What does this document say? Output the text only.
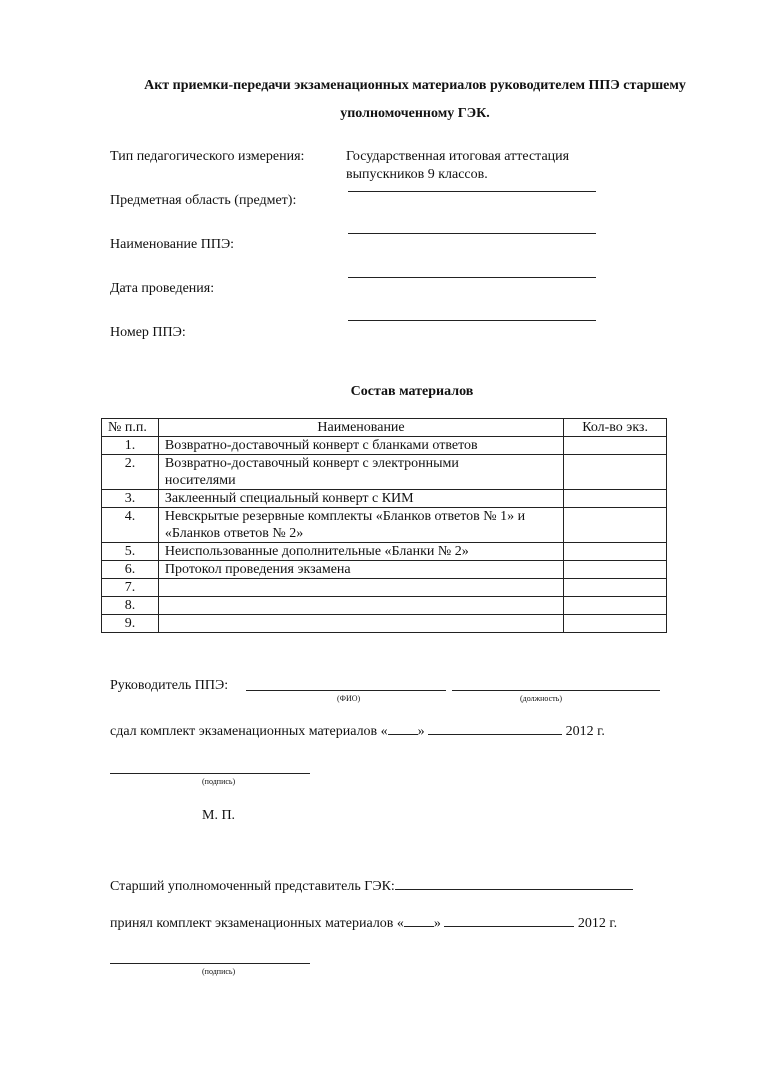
Акт приемки-передачи экзаменационных материалов руководителем ППЭ старшему
уполномоченному ГЭК.
Тип педагогического измерения:	Государственная итоговая аттестация
выпускников 9 классов.
Предметная область (предмет):
Наименование ППЭ:
Дата проведения:
Номер ППЭ:
Состав материалов
№ п.п.	Наименование	Кол-во экз.
1.	Возвратно-доставочный конверт с бланками ответов	
2.	Возвратно-доставочный конверт с электронными носителями	
3.	Заклеенный специальный конверт с КИМ	
4.	Невскрытые резервные комплекты «Бланков ответов № 1» и «Бланков ответов № 2»	
5.	Неиспользованные дополнительные «Бланки № 2»	
6.	Протокол проведения экзамена	
7.		
8.		
9.		
Руководитель ППЭ:
(ФИО)	(должность)
сдал комплект экзаменационных материалов « »	2012 г.
(подпись)
М. П.
Старший уполномоченный представитель ГЭК:
принял комплект экзаменационных материалов « »	2012 г.
(подпись)
